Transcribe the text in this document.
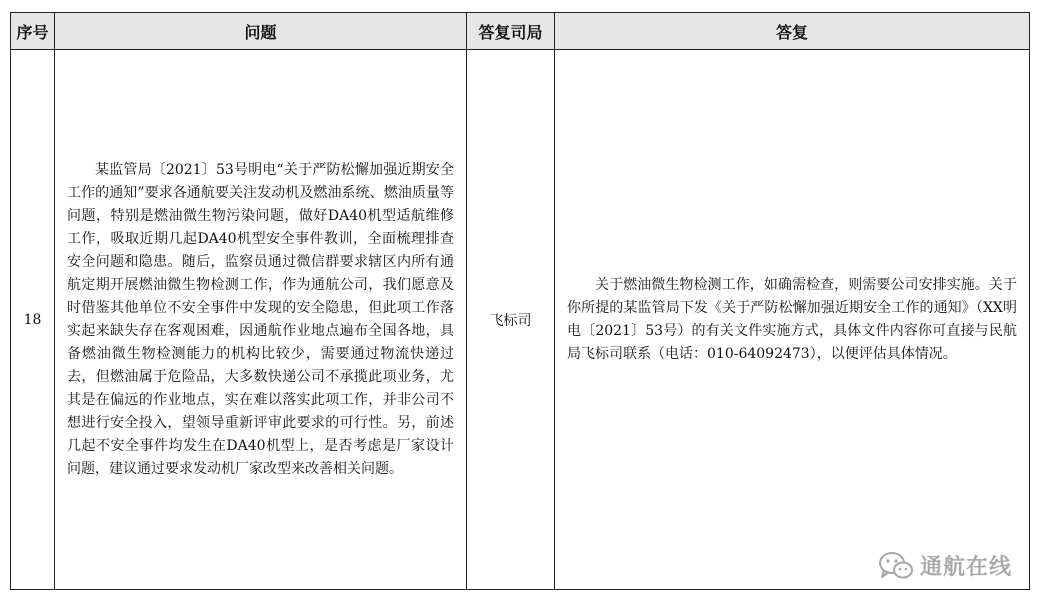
序号	问题	答复司局	答复
18	某监管局〔2021〕53号明电“关于严防松懈加强近期安全工作的通知”要求各通航要关注发动机及燃油系统、燃油质量等问题，特别是燃油微生物污染问题，做好DA40机型适航维修工作，吸取近期几起DA40机型安全事件教训，全面梳理排查安全问题和隐患。随后，监察员通过微信群要求辖区内所有通航定期开展燃油微生物检测工作，作为通航公司，我们愿意及时借鉴其他单位不安全事件中发现的安全隐患，但此项工作落实起来缺失存在客观困难，因通航作业地点遍布全国各地，具备燃油微生物检测能力的机构比较少，需要通过物流快递过去，但燃油属于危险品，大多数快递公司不承揽此项业务，尤其是在偏远的作业地点，实在难以落实此项工作，并非公司不想进行安全投入，望领导重新评审此要求的可行性。另，前述几起不安全事件均发生在DA40机型上，是否考虑是厂家设计问题，建议通过要求发动机厂家改型来改善相关问题。	飞标司	关于燃油微生物检测工作，如确需检查，则需要公司安排实施。关于你所提的某监管局下发《关于严防松懈加强近期安全工作的通知》（XX明电〔2021〕53号）的有关文件实施方式，具体文件内容你可直接与民航局飞标司联系（电话：010-64092473），以便评估具体情况。

通航在线
